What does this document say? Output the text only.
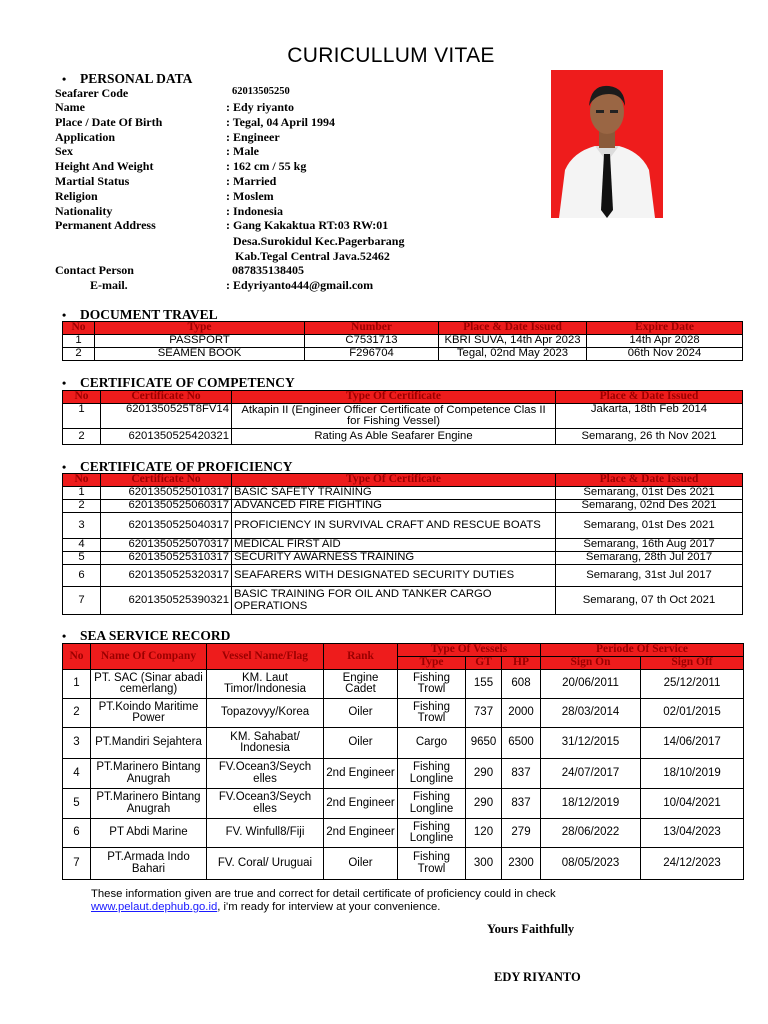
CURICULLUM VITAE
• PERSONAL DATA
Seafarer Code	62013505250
Name	: Edy riyanto
Place / Date Of Birth	: Tegal, 04 April 1994
Application	: Engineer
Sex	: Male
Height And Weight	: 162 cm / 55 kg
Martial Status	: Married
Religion	: Moslem
Nationality	: Indonesia
Permanent Address	: Gang Kakaktua RT:03 RW:01
Desa.Surokidul Kec.Pagerbarang
Kab.Tegal Central Java.52462
Contact Person	087835138405
E-mail.	: Edyriyanto444@gmail.com
• DOCUMENT TRAVEL
No	Type	Number	Place & Date Issued	Expire Date
1	PASSPORT	C7531713	KBRI SUVA, 14th Apr 2023	14th Apr 2028
2	SEAMEN BOOK	F296704	Tegal, 02nd May 2023	06th Nov 2024
• CERTIFICATE OF COMPETENCY
No	Certificate No	Type Of Certificate	Place & Date Issued
1	6201350525T8FV14	Atkapin II (Engineer Officer Certificate of Competence Clas II for Fishing Vessel)	Jakarta, 18th Feb 2014
2	6201350525420321	Rating As Able Seafarer Engine	Semarang, 26 th Nov 2021
• CERTIFICATE OF PROFICIENCY
No	Certificate No	Type Of Certificate	Place & Date Issued
1	6201350525010317	BASIC SAFETY TRAINING	Semarang, 01st Des 2021
2	6201350525060317	ADVANCED FIRE FIGHTING	Semarang, 02nd Des 2021
3	6201350525040317	PROFICIENCY IN SURVIVAL CRAFT AND RESCUE BOATS	Semarang, 01st Des 2021
4	6201350525070317	MEDICAL FIRST AID	Semarang, 16th Aug 2017
5	6201350525310317	SECURITY AWARNESS TRAINING	Semarang, 28th Jul 2017
6	6201350525320317	SEAFARERS WITH DESIGNATED SECURITY DUTIES	Semarang, 31st Jul 2017
7	6201350525390321	BASIC TRAINING FOR OIL AND TANKER CARGO OPERATIONS	Semarang, 07 th Oct 2021
• SEA SERVICE RECORD
No	Name Of Company	Vessel Name/Flag	Rank	Type Of Vessels			Periode Of Service	
				Type	GT	HP	Sign On	Sign Off
1	PT. SAC (Sinar abadi cemerlang)	KM. Laut Timor/Indonesia	Engine Cadet	Fishing Trowl	155	608	20/06/2011	25/12/2011
2	PT.Koindo Maritime Power	Topazovyy/Korea	Oiler	Fishing Trowl	737	2000	28/03/2014	02/01/2015
3	PT.Mandiri Sejahtera	KM. Sahabat/ Indonesia	Oiler	Cargo	9650	6500	31/12/2015	14/06/2017
4	PT.Marinero Bintang Anugrah	FV.Ocean3/Seych elles	2nd Engineer	Fishing Longline	290	837	24/07/2017	18/10/2019
5	PT.Marinero Bintang Anugrah	FV.Ocean3/Seych elles	2nd Engineer	Fishing Longline	290	837	18/12/2019	10/04/2021
6	PT Abdi Marine	FV. Winfull8/Fiji	2nd Engineer	Fishing Longline	120	279	28/06/2022	13/04/2023
7	PT.Armada Indo Bahari	FV. Coral/ Uruguai	Oiler	Fishing Trowl	300	2300	08/05/2023	24/12/2023
These information given are true and correct for detail certificate of proficiency could in check
www.pelaut.dephub.go.id, i'm ready for interview at your convenience.
Yours Faithfully
EDY RIYANTO
